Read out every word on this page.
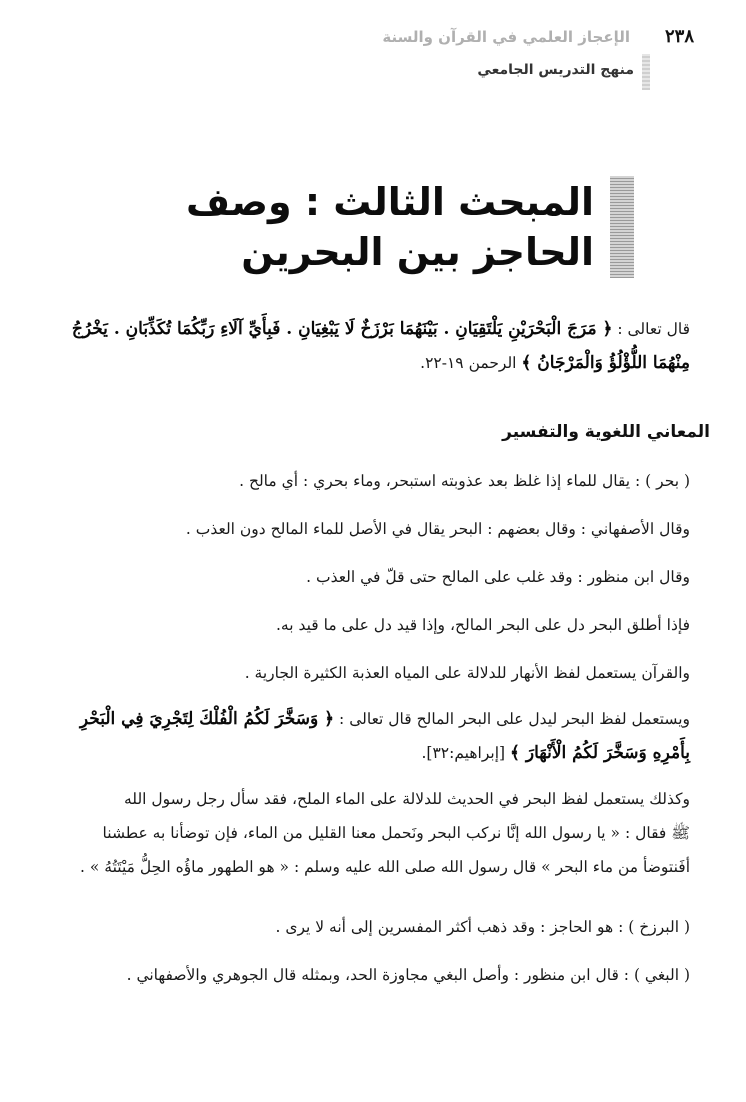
٢٣٨
الإعجاز العلمي في القرآن والسنة
منهج التدريس الجامعي
المبحث الثالث : وصف
الحاجز بين البحرين
قال تعالى : ﴿ مَرَجَ الْبَحْرَيْنِ يَلْتَقِيَانِ . بَيْنَهُمَا بَرْزَخٌ لَا يَبْغِيَانِ . فَبِأَيِّ آلَاءِ رَبِّكُمَا تُكَذِّبَانِ . يَخْرُجُ
مِنْهُمَا اللُّؤْلُؤُ وَالْمَرْجَانُ ﴾ الرحمن ١٩-٢٢.
المعاني اللغوية والتفسير
( بحر ) : يقال للماء إذا غلظ بعد عذوبته استبحر، وماء بحري : أي مالح .
وقال الأصفهاني : وقال بعضهم : البحر يقال في الأصل للماء المالح دون العذب .
وقال ابن منظور : وقد غلب على المالح حتى قلّ في العذب .
فإذا أطلق البحر دل على البحر المالح، وإذا قيد دل على ما قيد به.
والقرآن يستعمل لفظ الأنهار للدلالة على المياه العذبة الكثيرة الجارية .
ويستعمل لفظ البحر ليدل على البحر المالح قال تعالى : ﴿ وَسَخَّرَ لَكُمُ الْفُلْكَ لِتَجْرِيَ فِي الْبَحْرِ
بِأَمْرِهِ وَسَخَّرَ لَكُمُ الْأَنْهَارَ ﴾ [إبراهيم:٣٢].
وكذلك يستعمل لفظ البحر في الحديث للدلالة على الماء الملح، فقد سأل رجل رسول الله
ﷺ فقال : « يا رسول الله إنَّا نركب البحر ونَحمل معنا القليل من الماء، فإن توضأنا به عطشنا
أفَنتوضأ من ماء البحر » قال رسول الله صلى الله عليه وسلم : « هو الطهور ماؤُه الحِلُّ مَيْتَتُهُ » .
( البرزخ ) : هو الحاجز : وقد ذهب أكثر المفسرين إلى أنه لا يرى .
( البغي ) : قال ابن منظور : وأصل البغي مجاوزة الحد، وبمثله قال الجوهري والأصفهاني .
